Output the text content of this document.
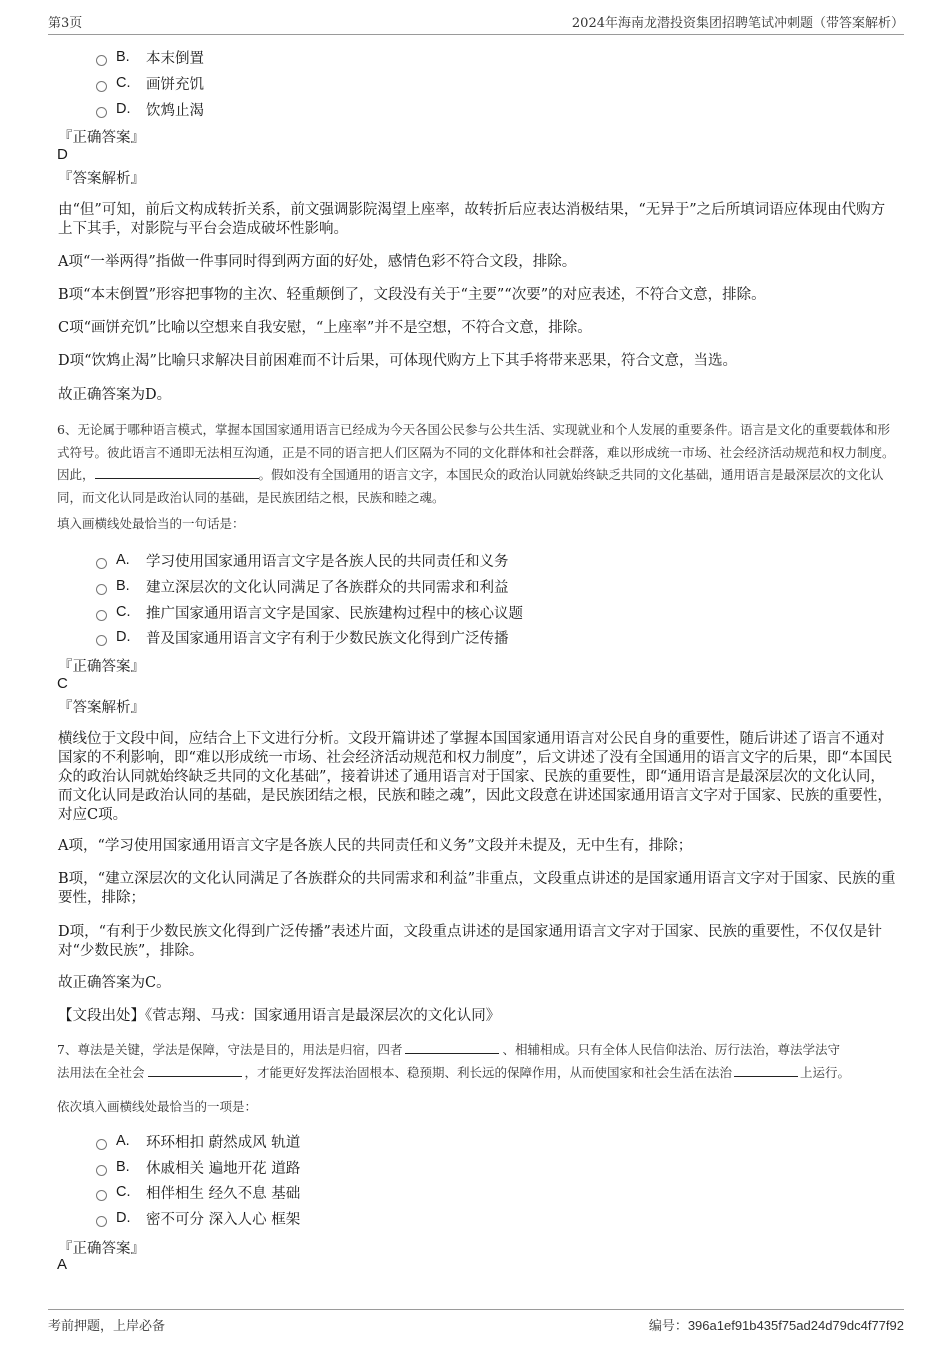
第3页	2024年海南龙潜投资集团招聘笔试冲刺题（带答案解析）
B.	本末倒置
C.	画饼充饥
D.	饮鸩止渴
『正确答案』
D
『答案解析』
由“但”可知，前后文构成转折关系，前文强调影院渴望上座率，故转折后应表达消极结果，“无异于”之后所填词语应体现由代购方上下其手，对影院与平台会造成破坏性影响。
A项“一举两得”指做一件事同时得到两方面的好处，感情色彩不符合文段，排除。
B项“本末倒置”形容把事物的主次、轻重颠倒了，文段没有关于“主要”“次要”的对应表述，不符合文意，排除。
C项“画饼充饥”比喻以空想来自我安慰，“上座率”并不是空想，不符合文意，排除。
D项“饮鸩止渴”比喻只求解决目前困难而不计后果，可体现代购方上下其手将带来恶果，符合文意，当选。
故正确答案为D。
6、无论属于哪种语言模式，掌握本国国家通用语言已经成为今天各国公民参与公共生活、实现就业和个人发展的重要条件。语言是文化的重要载体和形式符号。彼此语言不通即无法相互沟通，正是不同的语言把人们区隔为不同的文化群体和社会群落，难以形成统一市场、社会经济活动规范和权力制度。因此，	。假如没有全国通用的语言文字，本国民众的政治认同就始终缺乏共同的文化基础，通用语言是最深层次的文化认同，而文化认同是政治认同的基础，是民族团结之根，民族和睦之魂。
填入画横线处最恰当的一句话是：
A.	学习使用国家通用语言文字是各族人民的共同责任和义务
B.	建立深层次的文化认同满足了各族群众的共同需求和利益
C.	推广国家通用语言文字是国家、民族建构过程中的核心议题
D.	普及国家通用语言文字有利于少数民族文化得到广泛传播
『正确答案』
C
『答案解析』
横线位于文段中间，应结合上下文进行分析。文段开篇讲述了掌握本国国家通用语言对公民自身的重要性，随后讲述了语言不通对国家的不利影响，即“难以形成统一市场、社会经济活动规范和权力制度”，后文讲述了没有全国通用的语言文字的后果，即“本国民众的政治认同就始终缺乏共同的文化基础”，接着讲述了通用语言对于国家、民族的重要性，即“通用语言是最深层次的文化认同，而文化认同是政治认同的基础，是民族团结之根，民族和睦之魂”，因此文段意在讲述国家通用语言文字对于国家、民族的重要性，对应C项。
A项，“学习使用国家通用语言文字是各族人民的共同责任和义务”文段并未提及，无中生有，排除；
B项，“建立深层次的文化认同满足了各族群众的共同需求和利益”非重点，文段重点讲述的是国家通用语言文字对于国家、民族的重要性，排除；
D项，“有利于少数民族文化得到广泛传播”表述片面，文段重点讲述的是国家通用语言文字对于国家、民族的重要性，不仅仅是针对“少数民族”，排除。
故正确答案为C。
【文段出处】《菅志翔、马戎：国家通用语言是最深层次的文化认同》
7、尊法是关键，学法是保障，守法是目的，用法是归宿，四者	、相辅相成。只有全体人民信仰法治、厉行法治，尊法学法守
法用法在全社会	，才能更好发挥法治固根本、稳预期、利长远的保障作用，从而使国家和社会生活在法治	上运行。
依次填入画横线处最恰当的一项是：
A.	环环相扣 蔚然成风 轨道
B.	休戚相关 遍地开花 道路
C.	相伴相生 经久不息 基础
D.	密不可分 深入人心 框架
『正确答案』
A
考前押题，上岸必备	编号：396a1ef91b435f75ad24d79dc4f77f92
